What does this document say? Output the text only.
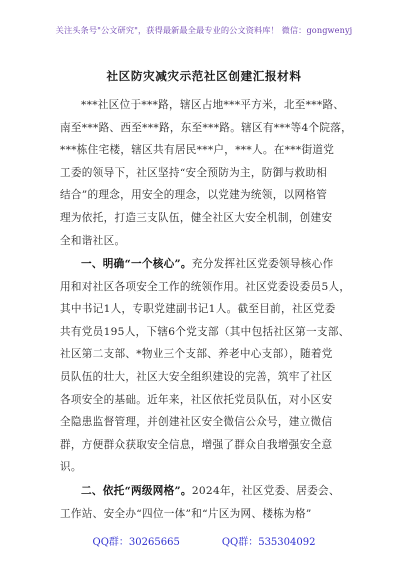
关注头条号"公文研究"，获得最新最全最专业的公文资料库！ 微信：gongwenyj
社区防灾减灾示范社区创建汇报材料
***社区位于***路，辖区占地***平方米，北至***路、
南至***路、西至***路，东至***路。辖区有***等4个院落，
***栋住宅楼，辖区共有居民***户，***人。在***街道党
工委的领导下，社区坚持“安全预防为主，防御与救助相
结合”的理念，用安全的理念，以党建为统领，以网格管
理为依托，打造三支队伍，健全社区大安全机制，创建安
全和谐社区。
一、明确“一个核心”。充分发挥社区党委领导核心作
用和对社区各项安全工作的统领作用。社区党委设委员5人，
其中书记1人，专职党建副书记1人。截至目前，社区党委
共有党员195人，下辖6个党支部（其中包括社区第一支部、
社区第二支部、*物业三个支部、养老中心支部），随着党
员队伍的壮大，社区大安全组织建设的完善，筑牢了社区
各项安全的基础。近年来，社区依托党员队伍，对小区安
全隐患监督管理，并创建社区安全微信公众号，建立微信
群，方便群众获取安全信息，增强了群众自我增强安全意
识。
二、依托“两级网格”。2024年，社区党委、居委会、
工作站、安全办“四位一体”和“片区为网、楼栋为格”
QQ群：30265665	QQ群：535304092
